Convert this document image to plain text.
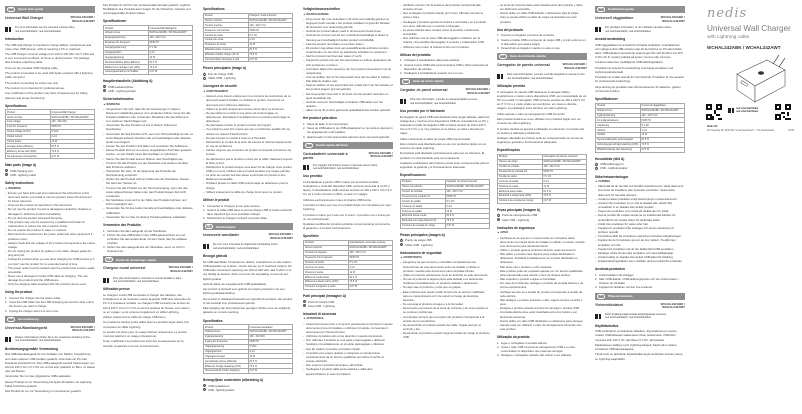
EN	Quick start guide
Universal Wall Charger	WCHAL242ABK / WCHAL242AWT
For more information see the extended manual online: ned.is/wchal242abk | ned.is/wchal242awt
Introduction
The USB wall charger is intended to charge tablets, smartphones and many other USB devices, without requiring a PC or notebook.
The USB charger converts voltage from 100 to 240 VAC into 5 VDC and is very convenient at offices, at home or during travels. The package also includes a lightning cable.
Only use the provided USB charging cable.
The product is intended to be used with Apple products with a lightning cable connector.
The product is intended for indoor use only.
The product is not intended for professional use.
Any modification of the product may have consequences for safety, warranty and proper functioning.
Specifications
Product	Universal Wall Charger
Article number	WCHAL242ABK / WCHAL242AWT
Input voltage	100 - 240 VAC
Input AC frequency	50/60 Hz
Output voltage (in DC)	5 VDC
Output current	2.4 A
Output power	12 W
Average active efficiency	81.5 %
Efficiency at low load (10%)	73.5 %
No-load power consumption	0.07 W
Main parts (image A)
1	USB charging port
2	USB - lightning cable
Safety instructions
▲ WARNING
– Ensure you have fully read and understood the instructions in this document before you install or use the product. Keep this document for future reference.
– Only use the product as described in this document.
– Do not use the product if a part is damaged or defective. Replace a damaged or defective product immediately.
– Do not drop the product and avoid bumping.
– This product may only be serviced by a qualified technician for maintenance to reduce the risk of electric shock.
– Do not expose the product to water or moisture.
– Disconnect the product from the power outlet and other equipment if problems occur.
– Always check that the voltage of the product corresponds to the mains voltage.
– Do not unplug the product by pulling on the cable. Always grasp the plug and pull.
– Unplug the product when you are done charging the USB product or if you don't use the product for an extended period of time.
– The power outlet must be located near the product and must be easily accessible.
– Never use a damaged or faulty USB cable for charging. This can damage the product and the USB device.
– Only the charging cable supplied with this product can be used.
Using the product
1. Connect the charger into the power outlet.
2. Insert the USB cable into the USB charging port and the other end in the device you want to charge.
3. Unplug the charger when it is not in use.
DE	Kurzanleitung
Universal-Wandladegerät	WCHAL242ABK / WCHAL242AWT
Weitere Informationen finden Sie in der erweiterten Anleitung online: ned.is/wchal242abk | ned.is/wchal242awt
Bestimmungsgemäße Verwendung
Das USB-Wandladegerät ist zum Aufladen von Tablets, Smartphones und vielen anderen USB-Geräten gedacht, ohne dass ein PC oder Notebook erforderlich ist. Das USB-Ladegerät wandelt Spannungen von 100 bis 240 V AC in 5 V DC um und ist sehr praktisch im Büro, zu Hause oder auf Reisen.
Verwenden Sie nur das mitgelieferte USB-Ladekabel.
Dieses Produkt ist zur Verwendung mit Apple-Produkten mit Lightning-Kabel-Anschluss gedacht.
Das Produkt ist nur zur Verwendung in Innenräumen gedacht.
Das Produkt ist nicht für den professionellen Einsatz gedacht. Jegliche Modifikation des Produkts kann Folgen für die Sicherheit, Garantie und ordnungsgemäße Funktion haben.
Spezifikationen
Produkt	Universal-Wandladegerät
Artikelnummer	WCHAL242ABK / WCHAL242AWT
Eingangsspannung	100 - 240 V AC
Eingangs-AC-Frequenz	50/60 Hz
Ausgangsspannung	5 V DC
Ausgangsstrom	2,4 A
Ausgangsleistung	12 W
Durchschnittliche aktive Effizienz	81,5 %
Effizienz bei niedriger Last (10%)	73,5 %
Leistungsaufnahme bei Nulllast	0,07 W
Hauptbestandteile (Abbildung A)
1	USB-Ladeanschluss
2	USB - Lightning-Kabel
Sicherheitshinweise
▲ WARNUNG
– Vergewissern Sie sich, dass Sie die Anweisungen in diesem Dokument vollständig gelesen und verstanden haben, bevor Sie das Produkt installieren oder verwenden. Bewahren Sie das Dokument zum späteren Nachschlagen auf.
– Verwenden Sie das Produkt nur wie in diesem Dokument beschrieben.
– Verwenden Sie das Produkt nicht, wenn ein Teil beschädigt ist oder es einen Mangel aufweist. Ersetzen Sie ein beschädigtes oder defektes Gerät unverzüglich.
– Lassen Sie das Produkt nicht fallen und vermeiden Sie Kollisionen.
– Dieses Produkt darf nur von einem ausgebildeten Techniker gewartet werden, um die Gefahr eines Stromschlags zu reduzieren.
– Setzen Sie das Produkt keinem Wasser oder Feuchtigkeit aus.
– Trennen Sie das Produkt von der Steckdose und anderen Geräten, falls Probleme auftreten.
– Überprüfen Sie stets, ob die Spannung des Produkts der Netzspannung entspricht.
– Ziehen Sie das Produkt nicht am Kabel aus der Steckdose. Fassen Sie stets den Stecker an.
– Trennen Sie das Produkt von der Stromversorgung, wenn Sie das Laden abgeschlossen haben oder das Produkt längere Zeit nicht verwenden.
– Die Steckdose muss sich in der Nähe des Produkts befinden und leicht zugänglich sein.
– Verwenden Sie für das Laden niemals ein beschädigtes oder defektes USB-Kabel.
– Verwenden Sie nur das mit diesem Produkt gelieferte Ladekabel.
Verwenden des Produkts
1. Verbinden Sie das Ladegerät mit der Steckdose.
2. Führen Sie das USB-Kabel in den USB-Ladeanschluss ein und verbinden Sie das andere Ende mit dem Gerät, das Sie aufladen möchten.
3. Ziehen Sie das Ladegerät aus der Steckdose, wenn es nicht in Gebrauch ist.
FR	Guide de démarrage rapide
Chargeur mural universel	WCHAL242ABK / WCHAL242AWT
Pour plus d'informations, consultez le manuel détaillé en ligne : ned.is/wchal242abk | ned.is/wchal242awt
Utilisation prévue
Le chargeur mural USB est destiné à charger des tablettes, des smartphones et de nombreux autres appareils USB sans nécessiter de PC ni d'ordinateur portable. Le chargeur USB convertit une tension de 100 à 240 V CA en 5 V CC et est très pratique au bureau, à la maison ou en voyage. Le lot comprend également un câble Lightning.
Utilisez uniquement le câble de charge USB fourni.
Ce produit est destiné à être utilisé avec les produits Apple dotés d'un connecteur de câble Lightning.
Le produit est prévu pour un usage intérieur uniquement. Le produit n'est pas destiné à un usage professionnel.
Toute modification du produit peut avoir des conséquences sur la sécurité, la garantie et le bon fonctionnement.
Spécifications
Produit	Chargeur mural universel
Numéro d'article	WCHAL242ABK / WCHAL242AWT
Tension d'entrée	100 - 240 V CA
Fréquence CA d'entrée	50/60 Hz
Tension de sortie	5 V CC
Courant de sortie	2,4 A
Puissance de sortie	12 W
Efficacité active moyenne	81,5 %
Efficacité à faible charge (10 %)	73,5 %
Consommation électrique à vide	0,07 W
Pièces principales (image A)
1	Port de charge USB
2	Câble USB - Lightning
Consignes de sécurité
▲ AVERTISSEMENT
– Assurez-vous d'avoir entièrement lu et compris les instructions de ce document avant d'installer ou d'utiliser le produit. Conservez ce document pour référence ultérieure.
– Utilisez le produit uniquement comme décrit dans ce document.
– Ne pas utiliser le produit si une pièce est endommagée ou défectueuse. Remplacez immédiatement un produit endommagé ou défectueux.
– Ne pas laisser tomber le produit et éviter tout impact.
– Ce produit ne peut être réparé que par un technicien qualifié afin de réduire les risques d'électrocution.
– Ne pas exposer le produit à l'eau ou à l'humidité.
– Débranchez le produit de la prise de courant et d'autres équipements en cas de problèmes.
– Vérifiez toujours que la tension du produit correspond à la tension du secteur.
– Ne débranchez pas le produit en tirant sur le câble. Saisissez toujours la fiche et tirez.
– Débranchez le produit lorsque vous avez fini de charger votre produit USB ou si vous n'utilisez pas le produit pendant une longue période.
– La prise de courant doit être située à proximité du produit et être facilement accessible.
– N'utilisez jamais un câble USB endommagé ou défectueux pour la charge.
– Utilisez uniquement le câble de charge fourni avec ce produit.
Utiliser le produit
1. Connectez le chargeur à une prise secteur.
2. Insérez le câble USB dans le port de charge USB et l'autre extrémité dans l'appareil que vous souhaitez charger.
3. Débranchez le chargeur lorsqu'il n'est pas utilisé.
NL	Snelstartgids
Universele wandlader	WCHAL242ABK / WCHAL242AWT
Zie voor meer informatie de uitgebreide handleiding online: ned.is/wchal242abk | ned.is/wchal242awt
Beoogd gebruik
De USB-wandlader is bedoeld om tablets, smartphones en vele andere USB-apparaten op te laden, zonder dat een pc of notebook nodig is. De USB-lader converteert spanning van 100 tot 240 VAC naar 5 VDC en is erg handig op kantoor, thuis of op reis. De verpakking omvat ook een lightning-kabel.
Gebruik alleen de meegeleverde USB-oplaadkabel.
Het product is bedoeld voor gebruik met Apple-producten met een lightning-kabelaansluiting.
Het product is uitsluitend bedoeld voor gebruik binnenshuis. Het product is niet bedoeld voor professioneel gebruik.
Elke wijziging van het product kan gevolgen hebben voor de veiligheid, garantie en correcte werking.
Specificaties
Product	Universele wandlader
Artikelnummer	WCHAL242ABK / WCHAL242AWT
Ingangsspanning	100 - 240 VAC
Ingang AC-frequentie	50/60 Hz
Uitgangsspanning	5 VDC
Uitgangsstroom	2,4 A
Uitgangsvermogen	12 W
Gemiddelde actieve efficiëntie	81,5 %
Efficiëntie bij lage belasting (10%)	73,5 %
Stroomverbruik zonder belasting	0,07 W
Belangrijkste onderdelen (afbeelding A)
1	USB-oplaadpoort
2	USB - lightning-kabel
Veiligheidsvoorschriften
▲ WAARSCHUWING
– Zorg ervoor dat u de instructies in dit document volledig gelezen en begrepen heeft voordat u het product installeert of gebruikt. Bewaar dit document voor toekomstig gebruik.
– Gebruik het product alleen zoals in dit document beschreven.
– Gebruik het product niet als een onderdeel beschadigd of defect is. Vervang een beschadigd of defect product onmiddellijk.
– Laat het product niet vallen en voorkom stoten.
– Dit product mag alleen door een gekwalificeerde technicus worden onderhouden om het risico op elektrische schokken te verkleinen.
– Stel het product niet bloot aan water of vocht.
– Koppel het product los van het stopcontact en andere apparatuur als zich problemen voordoen.
– Controleer altijd of de spanning van het product overeenkomt met de netspanning.
– Trek de stekker niet uit het stopcontact door aan de kabel te trekken. Pak altijd de stekker vast.
– Haal de stekker uit het stopcontact als u klaar bent met het opladen of het product langere tijd niet gebruikt.
– Het stopcontact moet zich in de buurt van het product bevinden en goed bereikbaar zijn.
– Gebruik nooit een beschadigde of defecte USB-kabel voor het opladen.
– Alleen de bij dit product geleverde oplaadkabel kan worden gebruikt.
Het product gebruiken
1. Steek de lader in het stopcontact.
2. Steek de USB-kabel in de USB-oplaadpoort en het andere uiteinde in het apparaat dat u wilt opladen.
3. Haal de lader uit het stopcontact wanneer deze niet wordt gebruikt.
IT	Guida rapida all'avvio
Caricabatterie universale a parete
WCHAL242ABK / WCHAL242AWT
Per maggiori informazioni vedere il manuale esteso online: ned.is/wchal242abk | ned.is/wchal242awt
Uso previsto
Il caricabatterie a parete USB è inteso per la ricarica di tablet, smartphone e molti altri dispositivi USB, senza la necessità di un PC o laptop. Il caricabatterie USB converte tensioni da 100 a 240 V CA in 5 V CC ed è molto comodo in ufficio, a casa o in viaggio.
Utilizzare esclusivamente il cavo di ricarica USB fornito.
Il prodotto è inteso per l'uso con prodotti Apple con connettore per cavo Lightning.
Il prodotto è inteso per il solo uso in interni. Il prodotto non è inteso per un uso professionale.
Qualsiasi modifica del prodotto potrebbe comprometterne la sicurezza, la garanzia e il corretto funzionamento.
Specifiche
Prodotto	Caricabatterie universale a parete
Numero articolo	WCHAL242ABK / WCHAL242AWT
Tensione di ingresso	100 - 240 V CA
Frequenza CA in ingresso	50/60 Hz
Tensione di uscita	5 V CC
Corrente di uscita	2,4 A
Potenza di uscita	12 W
Efficienza media attiva	81,5 %
Efficienza a basso carico (10%)	73,5 %
Consumo energetico a vuoto	0,07 W
Parti principali (immagine A)
1	Porta di ricarica USB
2	Cavo USB - Lightning
Istruzioni di sicurezza
▲ AVVERTENZA
– Assicurarsi di aver letto e compreso pienamente le istruzioni in questo documento prima di installare o utilizzare il prodotto. Conservare il documento per riferimenti futuri.
– Utilizzare il prodotto solo come descritto in questo documento.
– Non utilizzare il prodotto se una parte è danneggiata o difettosa. Sostituire immediatamente un prodotto danneggiato o difettoso.
– Non far cadere il prodotto ed evitare impatti.
– Il prodotto può essere riparato o sottoposto a manutenzione esclusivamente da un tecnico qualificato per ridurre il rischio di scosse elettriche.
– Non esporre il prodotto ad acqua o all'umidità.
– Scollegare il prodotto dalla presa elettrica e dalle altre apparecchiature in caso di problemi.
– Verificare sempre che la tensione del prodotto corrisponda alla tensione di rete.
– Non scollegare il prodotto tirando per il cavo. Afferrare sempre la spina e tirare.
– Scollegare il prodotto quando la ricarica è terminata o se il prodotto non viene utilizzato per un periodo prolungato.
– La presa elettrica deve trovarsi vicino al prodotto e facilmente accessibile.
– Non utilizzare mai un cavo USB danneggiato o difettoso per la ricarica. Ciò potrebbe danneggiare il prodotto e il dispositivo USB.
– Utilizzare solo il cavo di ricarica fornito con il prodotto.
Utilizzo del prodotto
1. Collegare il caricabatterie alla presa elettrica.
2. Inserire il cavo USB nella porta di ricarica USB e l'altra estremità nel dispositivo da caricare.
3. Scollegare il caricabatterie quando non è in uso.
ES	Guía de inicio rápido
Cargador de pared universal	WCHAL242ABK / WCHAL242AWT
Para más información, consulte el manual ampliado en línea: ned.is/wchal242abk | ned.is/wchal242awt
Uso previsto por el fabricante
El cargador de pared USB está diseñado para cargar tabletas, teléfonos inteligentes y muchos otros dispositivos USB sin necesidad de un PC u ordenador portátil. El cargador USB convierte tensión de 100 a 240 V CA en 5 V CC y es muy práctico en la oficina, en casa o durante los viajes.
Utilice únicamente el cable de carga USB proporcionado.
Este producto está diseñado para su uso con productos Apple con un conector de cable Lightning.
El producto está diseñado exclusivamente para uso en interiores. El producto no está diseñado para uso profesional.
Cualquier modificación del producto puede tener consecuencias para la seguridad, la garantía y el funcionamiento adecuado.
Especificaciones
Producto	Cargador de pared universal
Número de artículo	WCHAL242ABK / WCHAL242AWT
Tensión de entrada	100 - 240 V CA
Frecuencia de entrada CA	50/60 Hz
Tensión de salida	5 V CC
Corriente de salida	2,4 A
Potencia de salida	12 W
Eficiencia activa media	81,5 %
Eficiencia con carga baja (10 %)	73,5 %
Consumo de energía sin carga	0,07 W
Piezas principales (imagen A)
1	Puerto de carga USB
2	Cable USB - Lightning
Instrucciones de seguridad
▲ ADVERTENCIA
– Asegúrese de que ha leído y entendido completamente las instrucciones de este documento antes de instalar o utilizar el producto. Guarde este documento para consultas futuras.
– Utilice el producto únicamente como se describe en este documento.
– No use el producto si alguna pieza está dañada o es defectuosa. Sustituya inmediatamente un producto dañado o defectuoso.
– No deje caer el producto y evite que se golpee.
– Este producto solo puede recibir servicio de un técnico cualificado para su mantenimiento a fin de reducir el riesgo de descarga eléctrica.
– No exponga el producto al agua o a la humedad.
– Desconecte el producto de la toma de corriente y de otros equipos si se producen problemas.
– Compruebe siempre que la tensión del producto corresponde a la tensión de la red eléctrica.
– No desenchufe el producto tirando del cable. Sujete siempre el enchufe y tire.
– Desenchufe el producto cuando haya terminado de cargar el producto USB.
– La toma de corriente debe estar situada cerca del producto y debe ser fácilmente accesible.
– Nunca utilice un cable USB dañado o defectuoso para la carga.
– Solo se puede utilizar el cable de carga suministrado con este producto.
Uso del producto
1. Conecte el cargador a la toma de corriente.
2. Inserte el cable USB en el puerto de carga USB y el otro extremo en el dispositivo que quiera cargar.
3. Desenchufe el cargador cuando no esté en uso.
PT	Guia de iniciação rápida
Carregador de parede universal	WCHAL242ABK / WCHAL242AWT
Para mais informações, consulte a versão alargada do manual on-line: ned.is/wchal242abk | ned.is/wchal242awt
Utilização prevista
O carregador de parede USB destina-se a carregar tablets, smartphones e muitos outros dispositivos USB, sem necessidade de um PC ou portátil. O carregador USB converte tensões de 100 a 240 V CA em 5 V CC e é muito prático em escritórios, em casa ou durante viagens. A embalagem inclui também um cabo Lightning.
Utilize apenas o cabo de carregamento USB fornecido.
Este produto destina-se a ser utilizado com produtos Apple com um conector de cabo Lightning.
O produto destina-se apenas a utilização em interiores. O produto não se destina a utilização profissional.
Qualquer alteração do produto pode ter consequências em termos de segurança, garantia e funcionamento adequado.
Especificações
Produto	Carregador de parede universal
Número de artigo	WCHAL242ABK / WCHAL242AWT
Tensão de entrada	100 - 240 V CA
Frequência de entrada CA	50/60 Hz
Tensão de saída	5 V CC
Corrente de saída	2,4 A
Potência de saída	12 W
Eficiência ativa média	81,5 %
Eficiência a carga baixa (10%)	73,5 %
Consumo de energia sem carga	0,07 W
Peças principais (imagem A)
1	Porta de carregamento USB
2	Cabo USB - Lightning
Instruções de segurança
▲ AVISO
– Certifique-se de que leu e compreendeu as instruções deste documento na íntegra antes de instalar ou utilizar o produto. Guarde este documento para referência futura.
– Utilize o produto apenas conforme descrito neste documento.
– Não utilize o produto caso alguma peça esteja danificada ou defeituosa. Substitua imediatamente um produto danificado ou defeituoso.
– Não deixe cair o produto e evite impactos.
– Este produto pode ser reparado apenas por um técnico qualificado para manutenção para reduzir o risco de choque elétrico.
– Não exponha o produto a água ou humidade.
– Em caso de problemas, desligue o produto da tomada elétrica e de outros equipamentos.
– Verifique sempre se a tensão do produto corresponde à tensão da rede elétrica.
– Não desligue o produto puxando o cabo. Agarre sempre na ficha e puxe.
– Desligue o produto quando terminar de carregar o produto USB.
– A tomada elétrica deve estar localizada perto do produto e ser facilmente acessível.
– Nunca utilize um cabo USB danificado ou defeituoso para carregar.
– Apenas pode ser utilizado o cabo de carregamento fornecido com este produto.
Utilização do produto
1. Ligue o carregador à tomada elétrica.
2. Insira o cabo USB na porta de carregamento USB e a outra extremidade no dispositivo que pretende carregar.
3. Desligue o carregador quando não estiver a ser utilizado.
SV	Snabbstartsguide
Universell väggladdare	WCHAL242ABK / WCHAL242AWT
För ytterligare information, se den utökade manualen online: ned.is/wchal242abk | ned.is/wchal242awt
Avsedd användning
USB-väggladdaren är avsedd för att ladda surfplattor, smarttelefoner och många andra USB-enheter utan att det behövs en PC eller bärbar dator. USB-laddaren konverterar spänningar från 100 till 240 V AC till 5 V DC och är mycket praktisk på kontor, hemma eller på resor.
Använd endast den medföljande USB-laddningskabeln.
Produkten är avsedd för användning med Apple-produkter med Lightning-kabelkontakt.
Produkten är endast avsedd för inomhusbruk. Produkten är inte avsedd för professionell användning.
Varje ändring av produkten kan få konsekvenser för säkerhet, garanti och korrekt funktion.
Specifikationer
Produkt	Universell väggladdare
Artikelnummer	WCHAL242ABK / WCHAL242AWT
Ingångsspänning	100 - 240 V AC
AC-ingångsfrekvens	50/60 Hz
Utspänning	5 V DC
Utström	2,4 A
Uteffekt	12 W
Genomsnittlig aktiv verkningsgrad	81,5 %
Verkningsgrad vid låg belastning (10%)	73,5 %
Effektförbrukning utan belastning	0,07 W
Huvuddelar (bild A)
1	USB-laddningsport
2	USB - Lightning-kabel
Säkerhetsanvisningar
▲ VARNING
– Säkerställ att du har läst och förstått instruktionerna i detta dokument helt innan du installerar eller använder produkten. Spara detta dokument för framtida referens.
– Använd endast produkten enligt beskrivningen i detta dokument.
– Använd inte produkten om en del är skadad eller defekt. Byt omedelbart ut en skadad eller defekt produkt.
– Tappa inte produkten och undvik att utsätta den för stötar.
– Denna produkt får endast servas av en kvalificerad tekniker för underhåll för att minska risken för elektriska stötar.
– Utsätt inte produkten för vatten eller fukt.
– Koppla bort produkten från eluttaget och annan utrustning om problem uppstår.
– Kontrollera alltid att produktens spänning motsvarar nätspänningen.
– Koppla inte bort produkten genom att dra i kabeln. Ta alltid tag i kontakten och dra.
– Koppla bort produkten när du har laddat klart USB-produkten.
– Eluttaget måste finnas nära produkten och vara lättillgängligt.
– Använd aldrig en skadad eller defekt USB-kabel för laddning.
– Endast laddningskabeln som medföljer denna produkt får användas.
Använda produkten
1. Anslut laddaren till eluttaget.
2. Sätt i USB-kabeln i USB-laddningsporten och den andra änden i enheten du vill ladda.
3. Koppla bort laddaren när den inte används.
FI	Pika-aloitusopas
Yleisverkkolaturi	WCHAL242ABK / WCHAL242AWT
Katso lisätietoja laajemmasta käyttöoppaasta verkossa: ned.is/wchal242abk | ned.is/wchal242awt
Käyttötarkoitus
USB-verkkolaturi on tarkoitettu tablettien, älypuhelimien ja monien muiden USB-laitteiden lataamiseen ilman tietokonetta. USB-laturi muuntaa 100–240 V AC -jännitteen 5 V DC -jännitteeksi.
Pakkaukseen sisältyy myös Lightning-kaapeli. Käytä vain mukana toimitettua USB-latauskaapelia.
Tämä tuote on tarkoitettu käytettäväksi Apple-tuotteiden kanssa, joissa on Lightning-kaapeliliitin.
nedis
Universal Wall Charger
with Lightning cable
WCHAL242ABK / WCHAL242AWT
ned.is/wchal242abk
ned.is/wchal242awt
Nedis BV
De Tweeling 28, 5215 MC 's-Hertogenbosch – The Netherlands	07/20
